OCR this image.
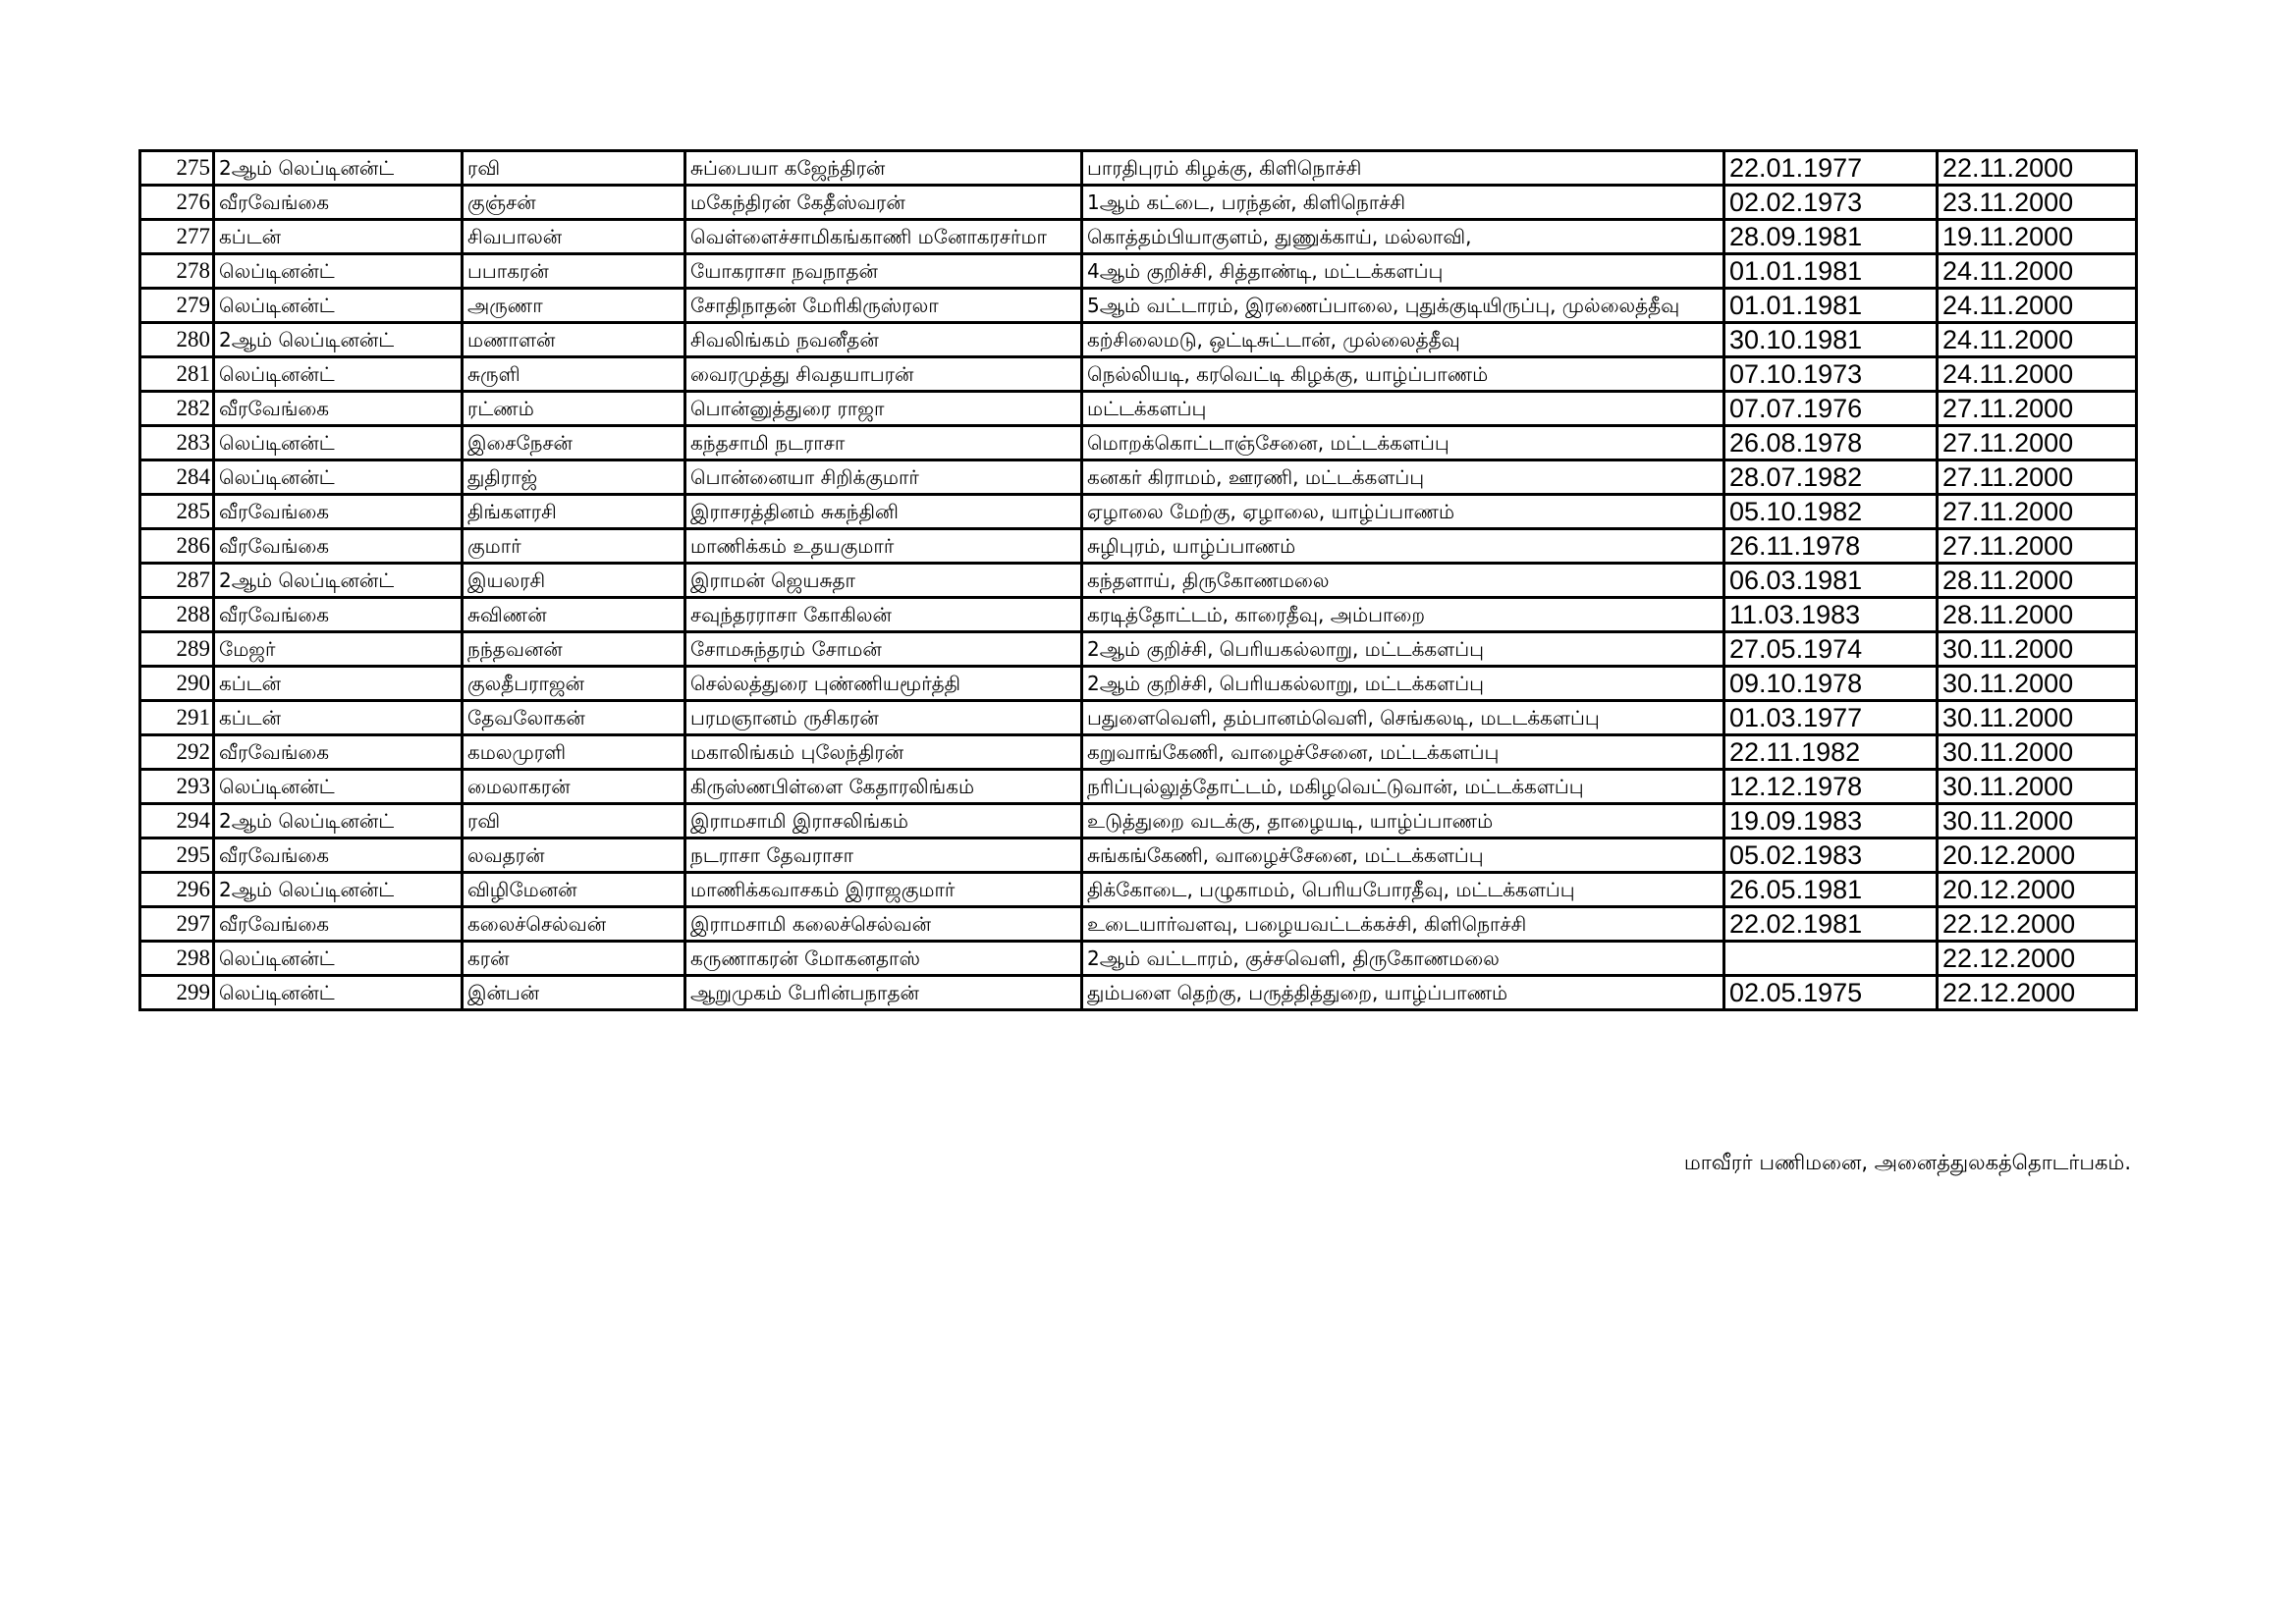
275	2ஆம் லெப்டினன்ட்	ரவி	சுப்பையா கஜேந்திரன்	பாரதிபுரம் கிழக்கு, கிளிநொச்சி	22.01.1977	22.11.2000
276	வீரவேங்கை	குஞ்சன்	மகேந்திரன் கேதீஸ்வரன்	1ஆம் கட்டை, பரந்தன், கிளிநொச்சி	02.02.1973	23.11.2000
277	கப்டன்	சிவபாலன்	வெள்ளைச்சாமிகங்காணி மனோகரசர்மா	கொத்தம்பியாகுளம், துணுக்காய், மல்லாவி,	28.09.1981	19.11.2000
278	லெப்டினன்ட்	பபாகரன்	யோகராசா நவநாதன்	4ஆம் குறிச்சி, சித்தாண்டி, மட்டக்களப்பு	01.01.1981	24.11.2000
279	லெப்டினன்ட்	அருணா	சோதிநாதன் மேரிகிருஸ்ரலா	5ஆம் வட்டாரம், இரணைப்பாலை, புதுக்குடியிருப்பு, முல்லைத்தீவு	01.01.1981	24.11.2000
280	2ஆம் லெப்டினன்ட்	மணாளன்	சிவலிங்கம் நவனீதன்	கற்சிலைமடு, ஒட்டிசுட்டான், முல்லைத்தீவு	30.10.1981	24.11.2000
281	லெப்டினன்ட்	சுருளி	வைரமுத்து சிவதயாபரன்	நெல்லியடி, கரவெட்டி கிழக்கு, யாழ்ப்பாணம்	07.10.1973	24.11.2000
282	வீரவேங்கை	ரட்ணம்	பொன்னுத்துரை ராஜா	மட்டக்களப்பு	07.07.1976	27.11.2000
283	லெப்டினன்ட்	இசைநேசன்	கந்தசாமி நடராசா	மொறக்கொட்டாஞ்சேனை, மட்டக்களப்பு	26.08.1978	27.11.2000
284	லெப்டினன்ட்	துதிராஜ்	பொன்னையா சிறிக்குமார்	கனகர் கிராமம், ஊரணி, மட்டக்களப்பு	28.07.1982	27.11.2000
285	வீரவேங்கை	திங்களரசி	இராசரத்தினம் சுகந்தினி	ஏழாலை மேற்கு, ஏழாலை, யாழ்ப்பாணம்	05.10.1982	27.11.2000
286	வீரவேங்கை	குமார்	மாணிக்கம் உதயகுமார்	சுழிபுரம், யாழ்ப்பாணம்	26.11.1978	27.11.2000
287	2ஆம் லெப்டினன்ட்	இயலரசி	இராமன் ஜெயசுதா	கந்தளாய், திருகோணமலை	06.03.1981	28.11.2000
288	வீரவேங்கை	சுவிணன்	சவுந்தரராசா கோகிலன்	கரடித்தோட்டம், காரைதீவு, அம்பாறை	11.03.1983	28.11.2000
289	மேஜர்	நந்தவனன்	சோமசுந்தரம் சோமன்	2ஆம் குறிச்சி, பெரியகல்லாறு, மட்டக்களப்பு	27.05.1974	30.11.2000
290	கப்டன்	குலதீபராஜன்	செல்லத்துரை புண்ணியமூர்த்தி	2ஆம் குறிச்சி, பெரியகல்லாறு, மட்டக்களப்பு	09.10.1978	30.11.2000
291	கப்டன்	தேவலோகன்	பரமஞானம் ருசிகரன்	பதுளைவெளி, தம்பானம்வெளி, செங்கலடி, மடடக்களப்பு	01.03.1977	30.11.2000
292	வீரவேங்கை	கமலமுரளி	மகாலிங்கம் புலேந்திரன்	கறுவாங்கேணி, வாழைச்சேனை, மட்டக்களப்பு	22.11.1982	30.11.2000
293	லெப்டினன்ட்	மைலாகரன்	கிருஸ்ணபிள்ளை கேதாரலிங்கம்	நரிப்புல்லுத்தோட்டம், மகிழவெட்டுவான், மட்டக்களப்பு	12.12.1978	30.11.2000
294	2ஆம் லெப்டினன்ட்	ரவி	இராமசாமி இராசலிங்கம்	உடுத்துறை வடக்கு, தாழையடி, யாழ்ப்பாணம்	19.09.1983	30.11.2000
295	வீரவேங்கை	லவதரன்	நடராசா தேவராசா	சுங்கங்கேணி, வாழைச்சேனை, மட்டக்களப்பு	05.02.1983	20.12.2000
296	2ஆம் லெப்டினன்ட்	விழிமேனன்	மாணிக்கவாசகம் இராஜகுமார்	திக்கோடை, பழுகாமம், பெரியபோரதீவு, மட்டக்களப்பு	26.05.1981	20.12.2000
297	வீரவேங்கை	கலைச்செல்வன்	இராமசாமி கலைச்செல்வன்	உடையார்வளவு, பழையவட்டக்கச்சி, கிளிநொச்சி	22.02.1981	22.12.2000
298	லெப்டினன்ட்	கரன்	கருணாகரன் மோகனதாஸ்	2ஆம் வட்டாரம், குச்சவெளி, திருகோணமலை		22.12.2000
299	லெப்டினன்ட்	இன்பன்	ஆறுமுகம் பேரின்பநாதன்	தும்பளை தெற்கு, பருத்தித்துறை, யாழ்ப்பாணம்	02.05.1975	22.12.2000
மாவீரர் பணிமனை, அனைத்துலகத்தொடர்பகம்.
